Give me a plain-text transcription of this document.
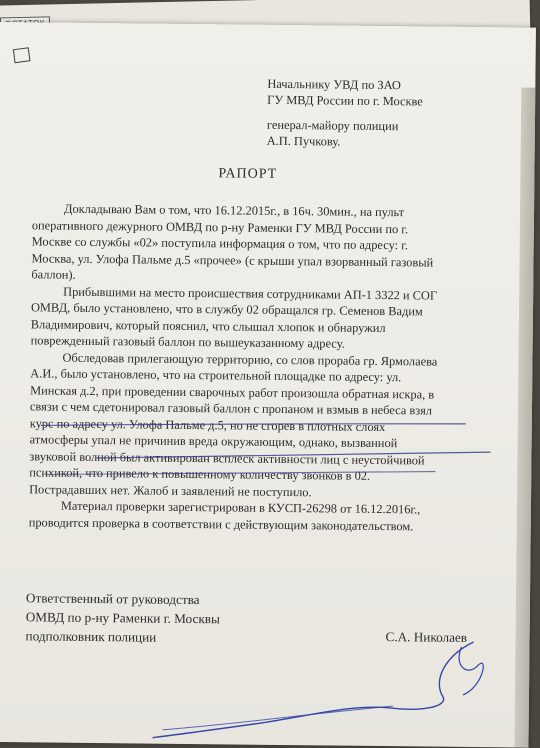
Начальнику УВД по ЗАО
ГУ МВД России по г. Москве
генерал-майору полиции
А.П. Пучкову.
РАПОРТ

Докладываю Вам о том, что 16.12.2015г., в 16ч. 30мин., на пульт
оперативного дежурного ОМВД по р-ну Раменки ГУ МВД России по г.
Москве со службы «02» поступила информация о том, что по адресу: г.
Москва, ул. Улофа Пальме д.5 «прочее» (с крыши упал взорванный газовый
баллон).

Прибывшими на место происшествия сотрудниками АП-1 3322 и СОГ
ОМВД, было установлено, что в службу 02 обращался гр. Семенов Вадим
Владимирович, который пояснил, что слышал хлопок и обнаружил
поврежденный газовый баллон по вышеуказанному адресу.

Обследовав прилегающую территорию, со слов прораба гр. Ярмолаева
А.И., было установлено, что на строительной площадке по адресу: ул.
Минская д.2, при проведении сварочных работ произошла обратная искра, в
связи с чем сдетонировал газовый баллон с пропаном и взмыв в небеса взял
курс по адресу ул. Улофа Пальме д.5, но не сгорев в плотных слоях
атмосферы упал не причинив вреда окружающим, однако, вызванной
звуковой волной был активирован всплеск активности лиц с неустойчивой
психикой, что привело к повышенному количеству звонков в 02.
Пострадавших нет. Жалоб и заявлений не поступило.

Материал проверки зарегистрирован в КУСП-26298 от 16.12.2016г.,
проводится проверка в соответствии с действующим законодательством.

Ответственный от руководства
ОМВД по р-ну Раменки г. Москвы
подполковник полиции	С.А. Николаев
